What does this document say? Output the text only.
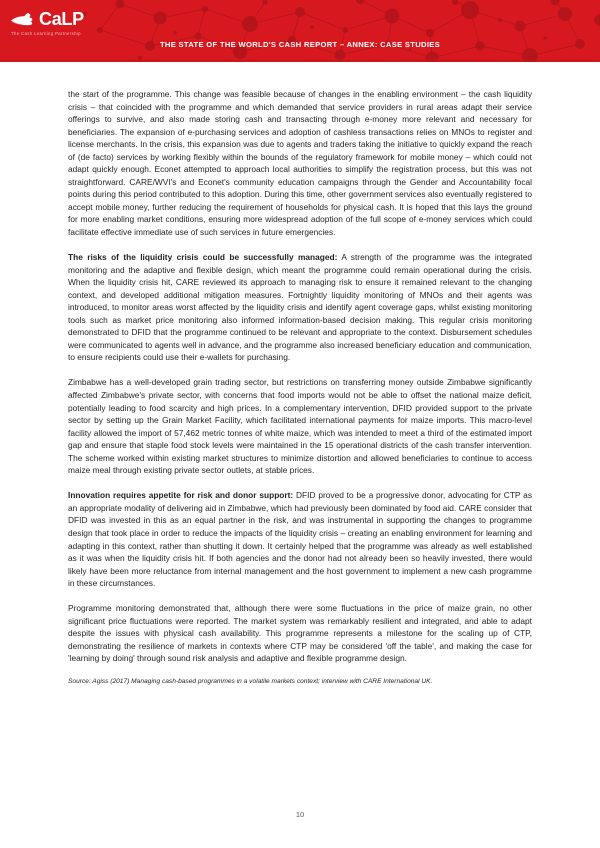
CaLP
The Cash Learning Partnership
THE STATE OF THE WORLD'S CASH REPORT – ANNEX: CASE STUDIES

the start of the programme. This change was feasible because of changes in the enabling environment – the cash liquidity crisis – that coincided with the programme and which demanded that service providers in rural areas adapt their service offerings to survive, and also made storing cash and transacting through e-money more relevant and necessary for beneficiaries. The expansion of e-purchasing services and adoption of cashless transactions relies on MNOs to register and license merchants. In the crisis, this expansion was due to agents and traders taking the initiative to quickly expand the reach of (de facto) services by working flexibly within the bounds of the regulatory framework for mobile money – which could not adapt quickly enough. Econet attempted to approach local authorities to simplify the registration process, but this was not straightforward. CARE/WVI's and Econet's community education campaigns through the Gender and Accountability focal points during this period contributed to this adoption. During this time, other government services also eventually registered to accept mobile money, further reducing the requirement of households for physical cash. It is hoped that this lays the ground for more enabling market conditions, ensuring more widespread adoption of the full scope of e-money services which could facilitate effective immediate use of such services in future emergencies.

The risks of the liquidity crisis could be successfully managed: A strength of the programme was the integrated monitoring and the adaptive and flexible design, which meant the programme could remain operational during the crisis. When the liquidity crisis hit, CARE reviewed its approach to managing risk to ensure it remained relevant to the changing context, and developed additional mitigation measures. Fortnightly liquidity monitoring of MNOs and their agents was introduced, to monitor areas worst affected by the liquidity crisis and identify agent coverage gaps, whilst existing monitoring tools such as market price monitoring also informed information-based decision making. This regular crisis monitoring demonstrated to DFID that the programme continued to be relevant and appropriate to the context. Disbursement schedules were communicated to agents well in advance, and the programme also increased beneficiary education and communication, to ensure recipients could use their e-wallets for purchasing.

Zimbabwe has a well-developed grain trading sector, but restrictions on transferring money outside Zimbabwe significantly affected Zimbabwe's private sector, with concerns that food imports would not be able to offset the national maize deficit, potentially leading to food scarcity and high prices. In a complementary intervention, DFID provided support to the private sector by setting up the Grain Market Facility, which facilitated international payments for maize imports. This macro-level facility allowed the import of 57,462 metric tonnes of white maize, which was intended to meet a third of the estimated import gap and ensure that staple food stock levels were maintained in the 15 operational districts of the cash transfer intervention. The scheme worked within existing market structures to minimize distortion and allowed beneficiaries to continue to access maize meal through existing private sector outlets, at stable prices.

Innovation requires appetite for risk and donor support: DFID proved to be a progressive donor, advocating for CTP as an appropriate modality of delivering aid in Zimbabwe, which had previously been dominated by food aid. CARE consider that DFID was invested in this as an equal partner in the risk, and was instrumental in supporting the changes to programme design that took place in order to reduce the impacts of the liquidity crisis – creating an enabling environment for learning and adapting in this context, rather than shutting it down. It certainly helped that the programme was already as well established as it was when the liquidity crisis hit. If both agencies and the donor had not already been so heavily invested, there would likely have been more reluctance from internal management and the host government to implement a new cash programme in these circumstances.

Programme monitoring demonstrated that, although there were some fluctuations in the price of maize grain, no other significant price fluctuations were reported. The market system was remarkably resilient and integrated, and able to adapt despite the issues with physical cash availability. This programme represents a milestone for the scaling up of CTP, demonstrating the resilience of markets in contexts where CTP may be considered 'off the table', and making the case for 'learning by doing' through sound risk analysis and adaptive and flexible programme design.

Source: Agiss (2017) Managing cash-based programmes in a volatile markets context; interview with CARE International UK.

10
